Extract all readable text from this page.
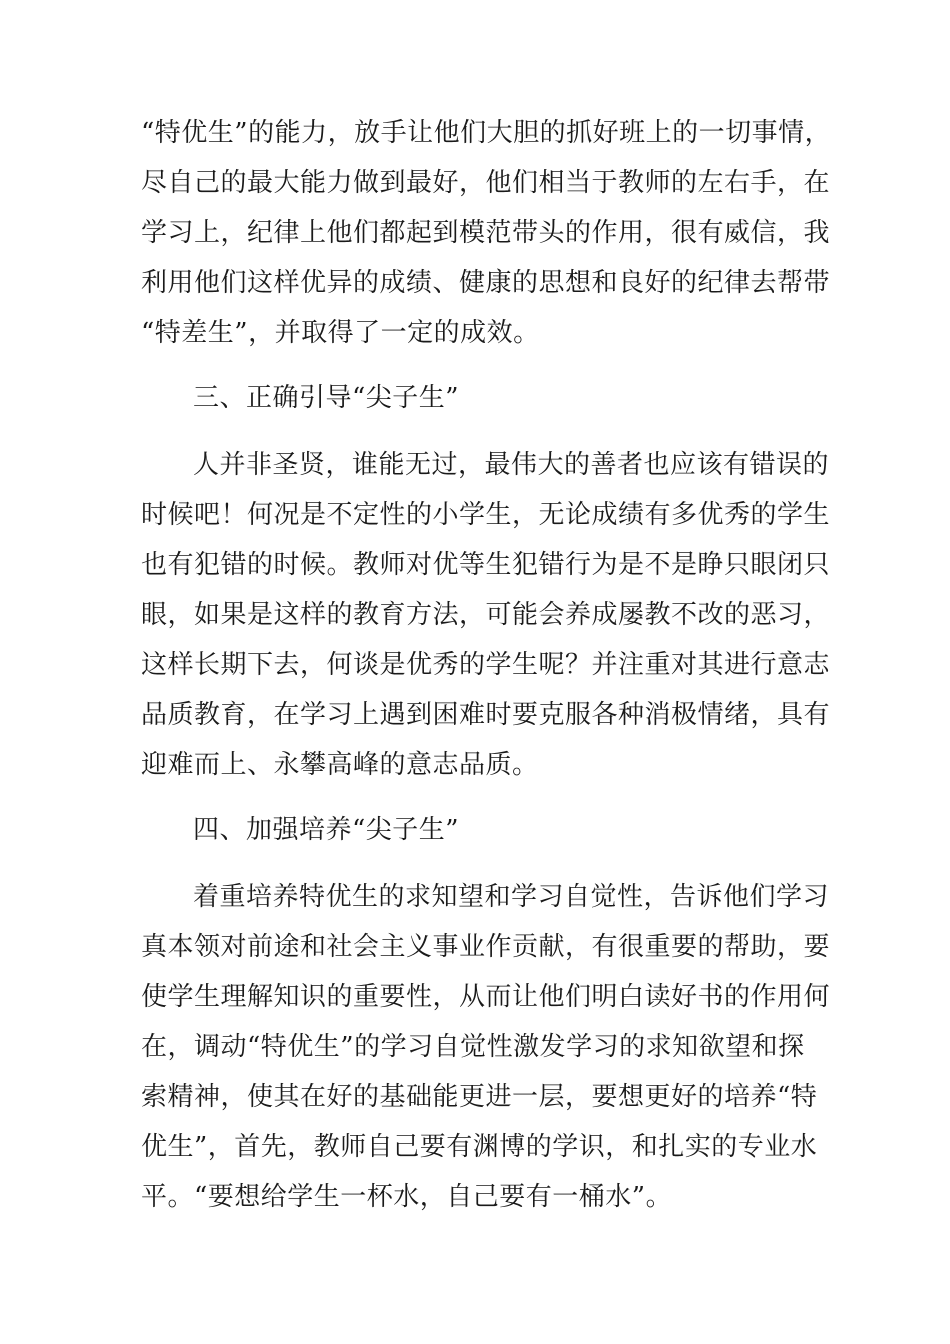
“特优生”的能力，放手让他们大胆的抓好班上的一切事情，
尽自己的最大能力做到最好，他们相当于教师的左右手，在
学习上，纪律上他们都起到模范带头的作用，很有威信，我
利用他们这样优异的成绩、健康的思想和良好的纪律去帮带
“特差生”，并取得了一定的成效。
三、正确引导“尖子生”
人并非圣贤，谁能无过，最伟大的善者也应该有错误的
时候吧！何况是不定性的小学生，无论成绩有多优秀的学生
也有犯错的时候。教师对优等生犯错行为是不是睁只眼闭只
眼，如果是这样的教育方法，可能会养成屡教不改的恶习，
这样长期下去，何谈是优秀的学生呢？并注重对其进行意志
品质教育，在学习上遇到困难时要克服各种消极情绪，具有
迎难而上、永攀高峰的意志品质。
四、加强培养“尖子生”
着重培养特优生的求知望和学习自觉性，告诉他们学习
真本领对前途和社会主义事业作贡献，有很重要的帮助，要
使学生理解知识的重要性，从而让他们明白读好书的作用何
在，调动“特优生”的学习自觉性激发学习的求知欲望和探
索精神，使其在好的基础能更进一层，要想更好的培养“特
优生”，首先，教师自己要有渊博的学识，和扎实的专业水
平。“要想给学生一杯水，自己要有一桶水”。
